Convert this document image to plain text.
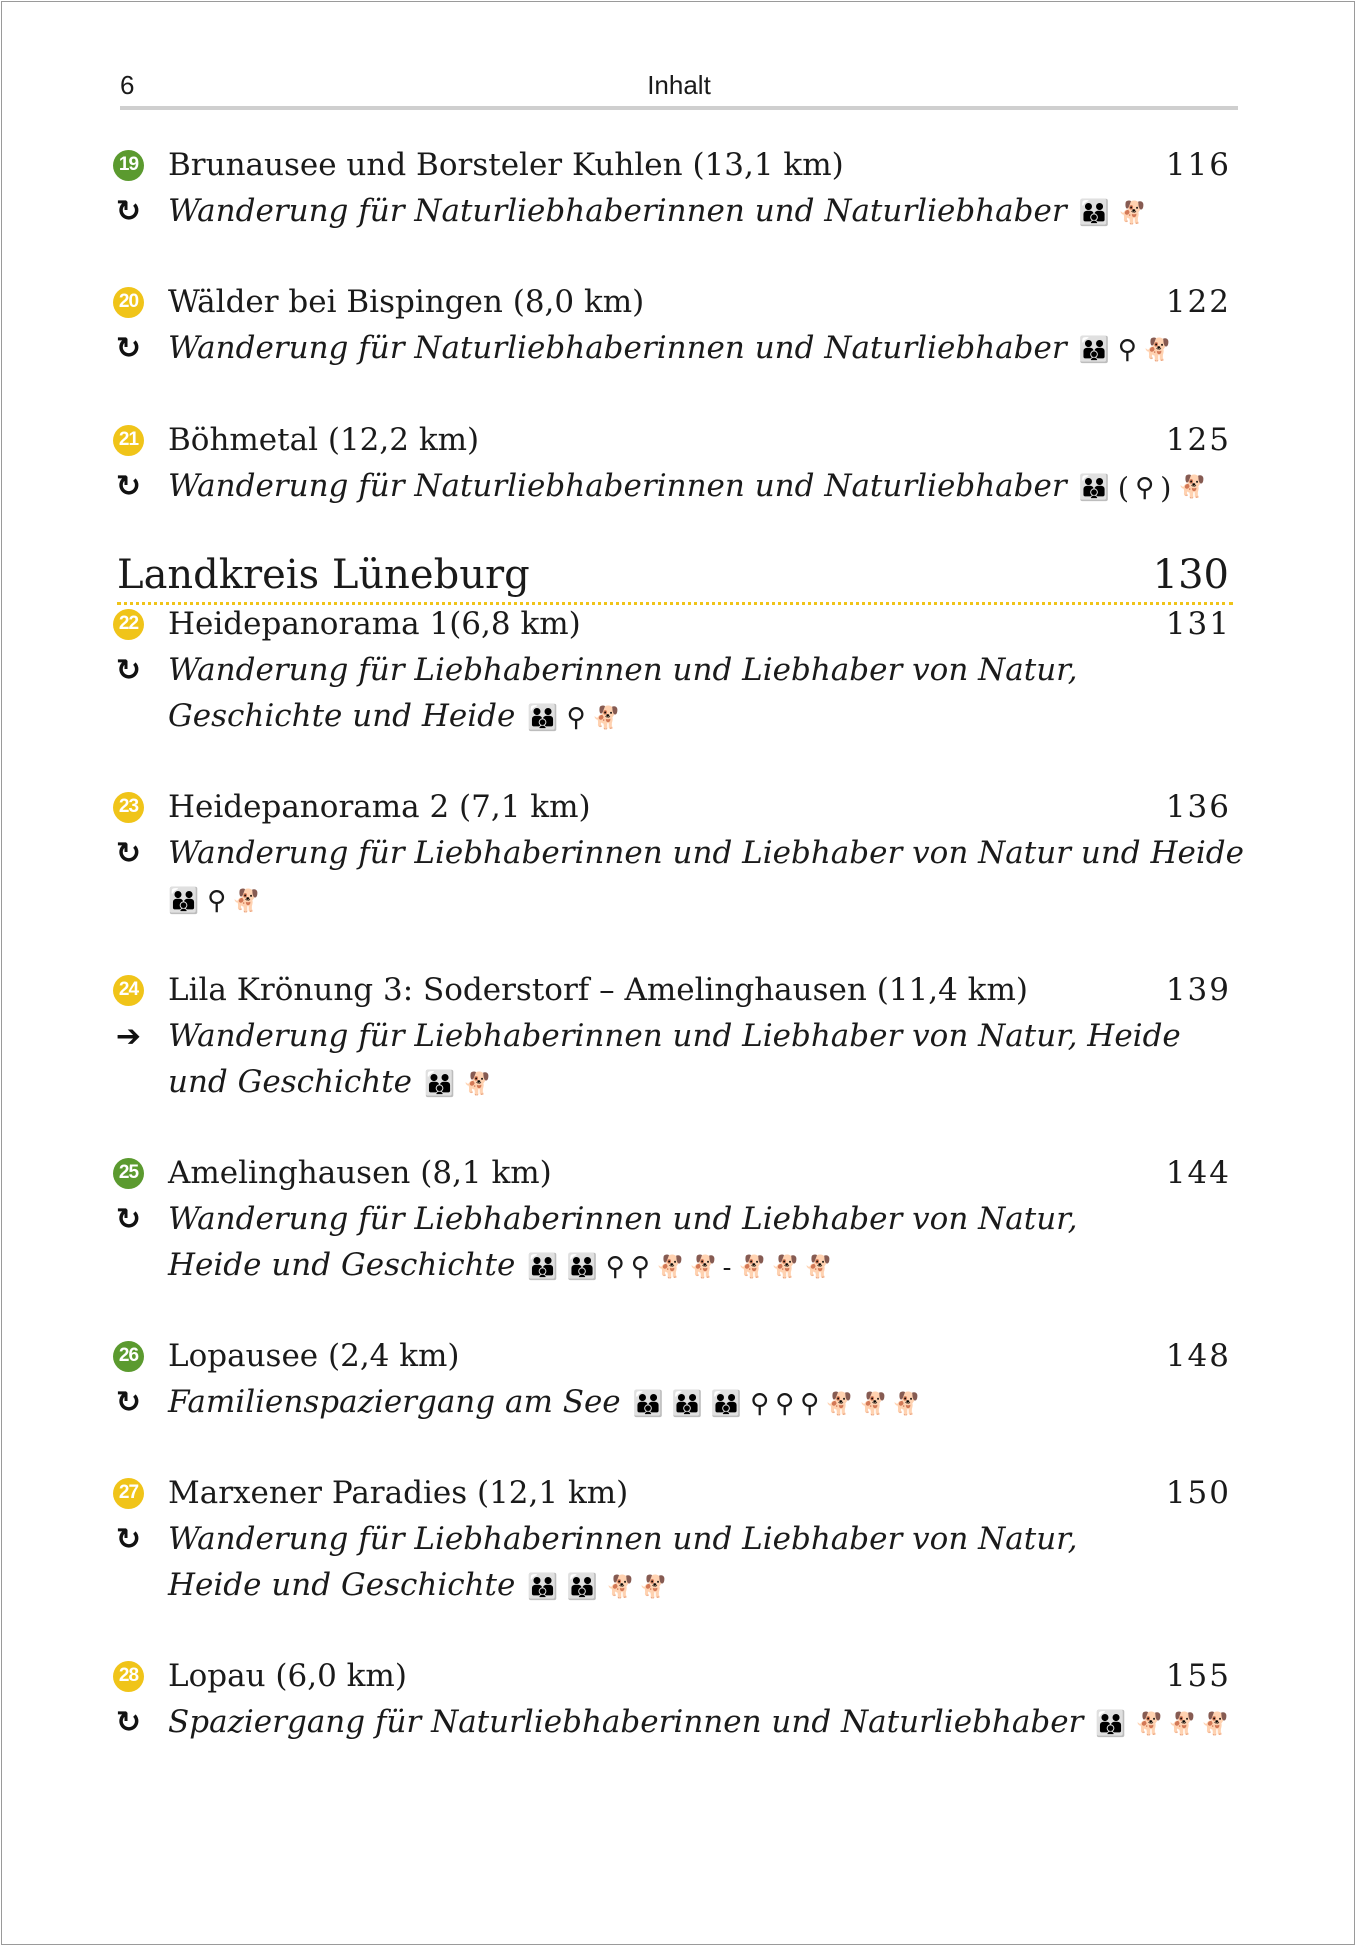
6	Inhalt
19 Brunausee und Borsteler Kuhlen (13,1 km)	116
↻ Wanderung für Naturliebhaberinnen und Naturliebhaber 👪 🐕
20 Wälder bei Bispingen (8,0 km)	122
↻ Wanderung für Naturliebhaberinnen und Naturliebhaber 👪 ⚲ 🐕
21 Böhmetal (12,2 km)	125
↻ Wanderung für Naturliebhaberinnen und Naturliebhaber 👪 ( ⚲ ) 🐕
Landkreis Lüneburg	130
22 Heidepanorama 1(6,8 km)	131
↻ Wanderung für Liebhaberinnen und Liebhaber von Natur,
Geschichte und Heide 👪 ⚲ 🐕
23 Heidepanorama 2 (7,1 km)	136
↻ Wanderung für Liebhaberinnen und Liebhaber von Natur und Heide
👪 ⚲ 🐕
24 Lila Krönung 3: Soderstorf – Amelinghausen (11,4 km)	139
➔ Wanderung für Liebhaberinnen und Liebhaber von Natur, Heide
und Geschichte 👪 🐕
25 Amelinghausen (8,1 km)	144
↻ Wanderung für Liebhaberinnen und Liebhaber von Natur,
Heide und Geschichte 👪 👪 ⚲ ⚲ 🐕 🐕 - 🐕 🐕 🐕
26 Lopausee (2,4 km)	148
↻ Familienspaziergang am See 👪 👪 👪 ⚲ ⚲ ⚲ 🐕 🐕 🐕
27 Marxener Paradies (12,1 km)	150
↻ Wanderung für Liebhaberinnen und Liebhaber von Natur,
Heide und Geschichte 👪 👪 🐕 🐕
28 Lopau (6,0 km)	155
↻ Spaziergang für Naturliebhaberinnen und Naturliebhaber 👪 🐕 🐕 🐕
